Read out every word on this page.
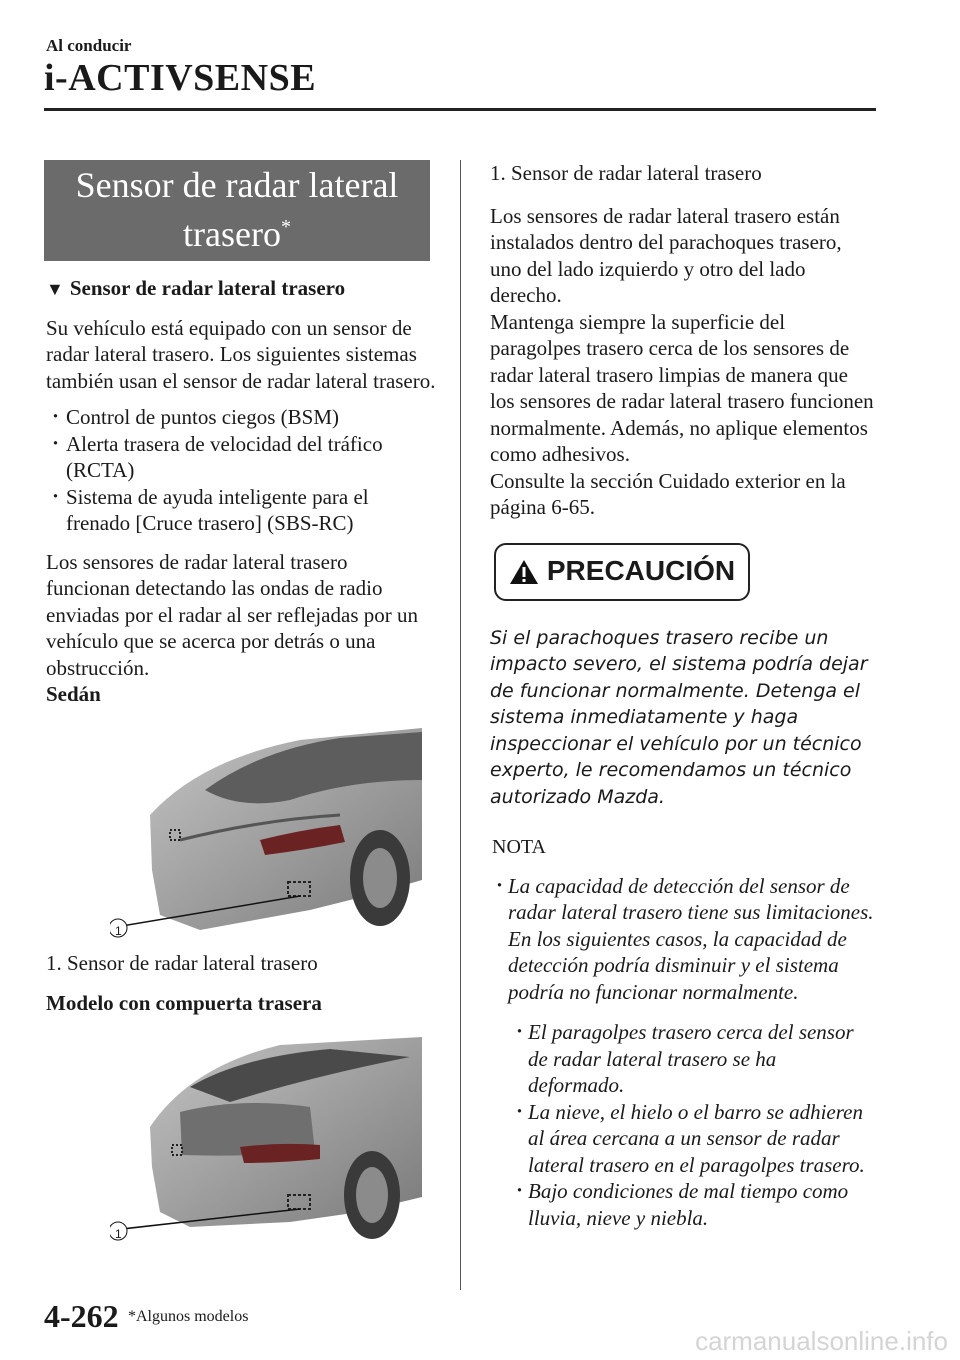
Al conducir
i-ACTIVSENSE
Sensor de radar lateral trasero*
▼ Sensor de radar lateral trasero

Su vehículo está equipado con un sensor de radar lateral trasero. Los siguientes sistemas también usan el sensor de radar lateral trasero.

· Control de puntos ciegos (BSM)
· Alerta trasera de velocidad del tráfico (RCTA)
· Sistema de ayuda inteligente para el frenado [Cruce trasero] (SBS-RC)

Los sensores de radar lateral trasero funcionan detectando las ondas de radio enviadas por el radar al ser reflejadas por un vehículo que se acerca por detrás o una obstrucción.

Sedán

1

1. Sensor de radar lateral trasero

Modelo con compuerta trasera

1

1. Sensor de radar lateral trasero

Los sensores de radar lateral trasero están instalados dentro del parachoques trasero, uno del lado izquierdo y otro del lado derecho.

Mantenga siempre la superficie del paragolpes trasero cerca de los sensores de radar lateral trasero limpias de manera que los sensores de radar lateral trasero funcionen normalmente. Además, no aplique elementos como adhesivos.

Consulte la sección Cuidado exterior en la página 6-65.

PRECAUCIÓN

Si el parachoques trasero recibe un impacto severo, el sistema podría dejar de funcionar normalmente. Detenga el sistema inmediatamente y haga inspeccionar el vehículo por un técnico experto, le recomendamos un técnico autorizado Mazda.

NOTA

· La capacidad de detección del sensor de radar lateral trasero tiene sus limitaciones. En los siguientes casos, la capacidad de detección podría disminuir y el sistema podría no funcionar normalmente.
· El paragolpes trasero cerca del sensor de radar lateral trasero se ha deformado.
· La nieve, el hielo o el barro se adhieren al área cercana a un sensor de radar lateral trasero en el paragolpes trasero.
· Bajo condiciones de mal tiempo como lluvia, nieve y niebla.
4-262 *Algunos modelos
carmanualsonline.info
